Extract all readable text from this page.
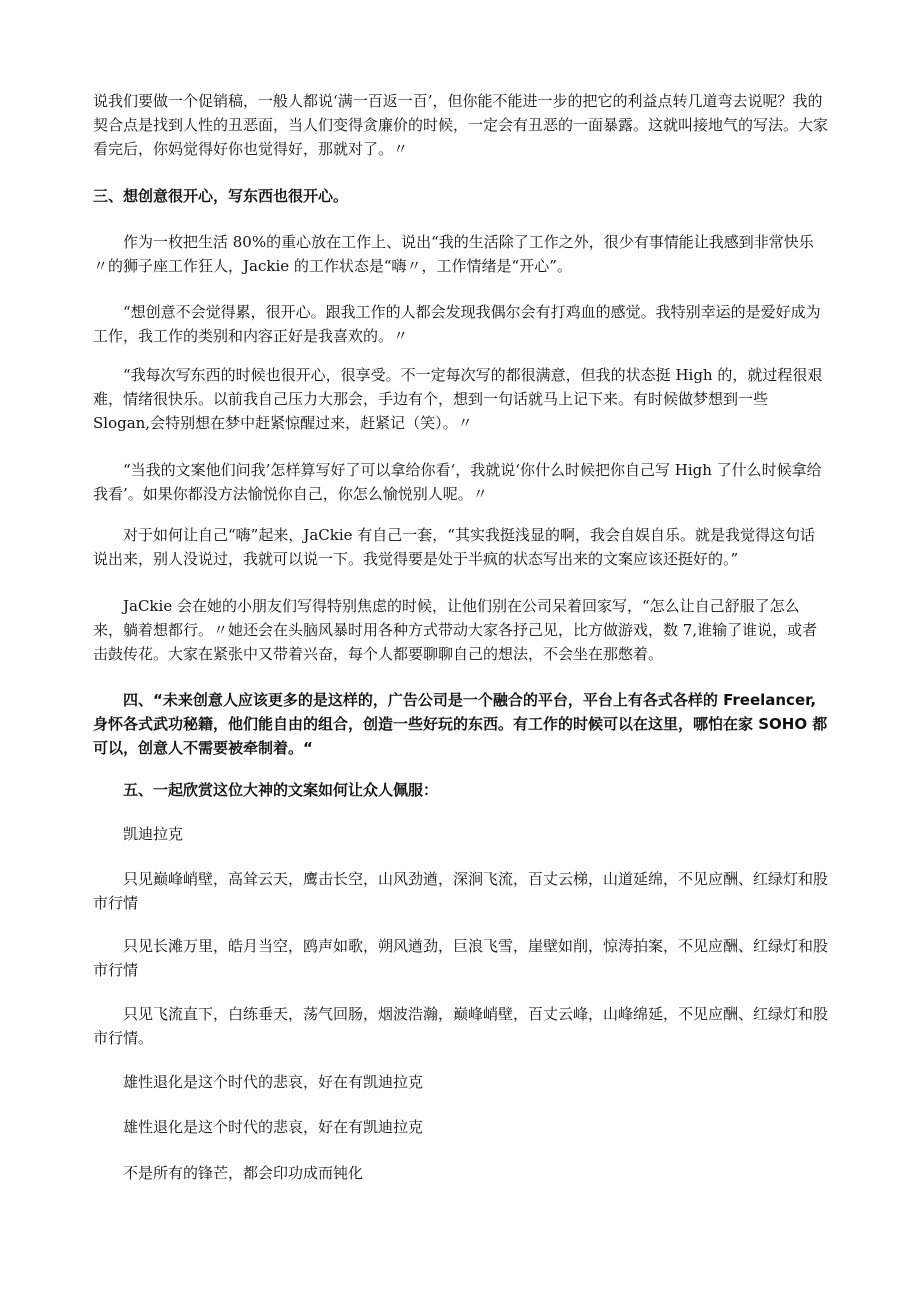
说我们要做一个促销稿，一般人都说‘满一百返一百’，但你能不能进一步的把它的利益点转几道弯去说呢？我的契合点是找到人性的丑恶面，当人们变得贪廉价的时候，一定会有丑恶的一面暴露。这就叫接地气的写法。大家看完后，你妈觉得好你也觉得好，那就对了。〃

三、想创意很开心，写东西也很开心。

作为一枚把生活 80%的重心放在工作上、说出“我的生活除了工作之外，很少有事情能让我感到非常快乐〃的狮子座工作狂人，Jackie 的工作状态是“嗨〃，工作情绪是“开心”。

“想创意不会觉得累，很开心。跟我工作的人都会发现我偶尔会有打鸡血的感觉。我特别幸运的是爱好成为工作，我工作的类别和内容正好是我喜欢的。〃

“我每次写东西的时候也很开心，很享受。不一定每次写的都很满意，但我的状态挺 High 的，就过程很艰难，情绪很快乐。以前我自己压力大那会，手边有个，想到一句话就马上记下来。有时候做梦想到一些 Slogan,会特别想在梦中赶紧惊醒过来，赶紧记（笑）。〃

“当我的文案他们问我’怎样算写好了可以拿给你看‘，我就说‘你什么时候把你自己写 High 了什么时候拿给我看’。如果你都没方法愉悦你自己，你怎么愉悦别人呢。〃

对于如何让自己“嗨”起来，JaCkie 有自己一套，“其实我挺浅显的啊，我会自娱自乐。就是我觉得这句话说出来，别人没说过，我就可以说一下。我觉得要是处于半疯的状态写出来的文案应该还挺好的。”

JaCkie 会在她的小朋友们写得特别焦虑的时候，让他们别在公司呆着回家写，“怎么让自己舒服了怎么来，躺着想都行。〃她还会在头脑风暴时用各种方式带动大家各抒己见，比方做游戏，数 7,谁输了谁说，或者击鼓传花。大家在紧张中又带着兴奋，每个人都要聊聊自己的想法，不会坐在那憋着。

四、“未来创意人应该更多的是这样的，广告公司是一个融合的平台，平台上有各式各样的 Freelancer,身怀各式武功秘籍，他们能自由的组合，创造一些好玩的东西。有工作的时候可以在这里，哪怕在家 SOHO 都可以，创意人不需要被牵制着。“

五、一起欣赏这位大神的文案如何让众人佩服：

凯迪拉克

只见巅峰峭壁，高耸云天，鹰击长空，山风劲遒，深涧飞流，百丈云梯，山道延绵，不见应酬、红绿灯和股市行情

只见长滩万里，皓月当空，鸥声如歌，朔风遒劲，巨浪飞雪，崖壁如削，惊涛拍案，不见应酬、红绿灯和股市行情

只见飞流直下，白练垂天，荡气回肠，烟波浩瀚，巅峰峭壁，百丈云峰，山峰绵延，不见应酬、红绿灯和股市行情。

雄性退化是这个时代的悲哀，好在有凯迪拉克

雄性退化是这个时代的悲哀，好在有凯迪拉克

不是所有的锋芒，都会印功成而钝化
